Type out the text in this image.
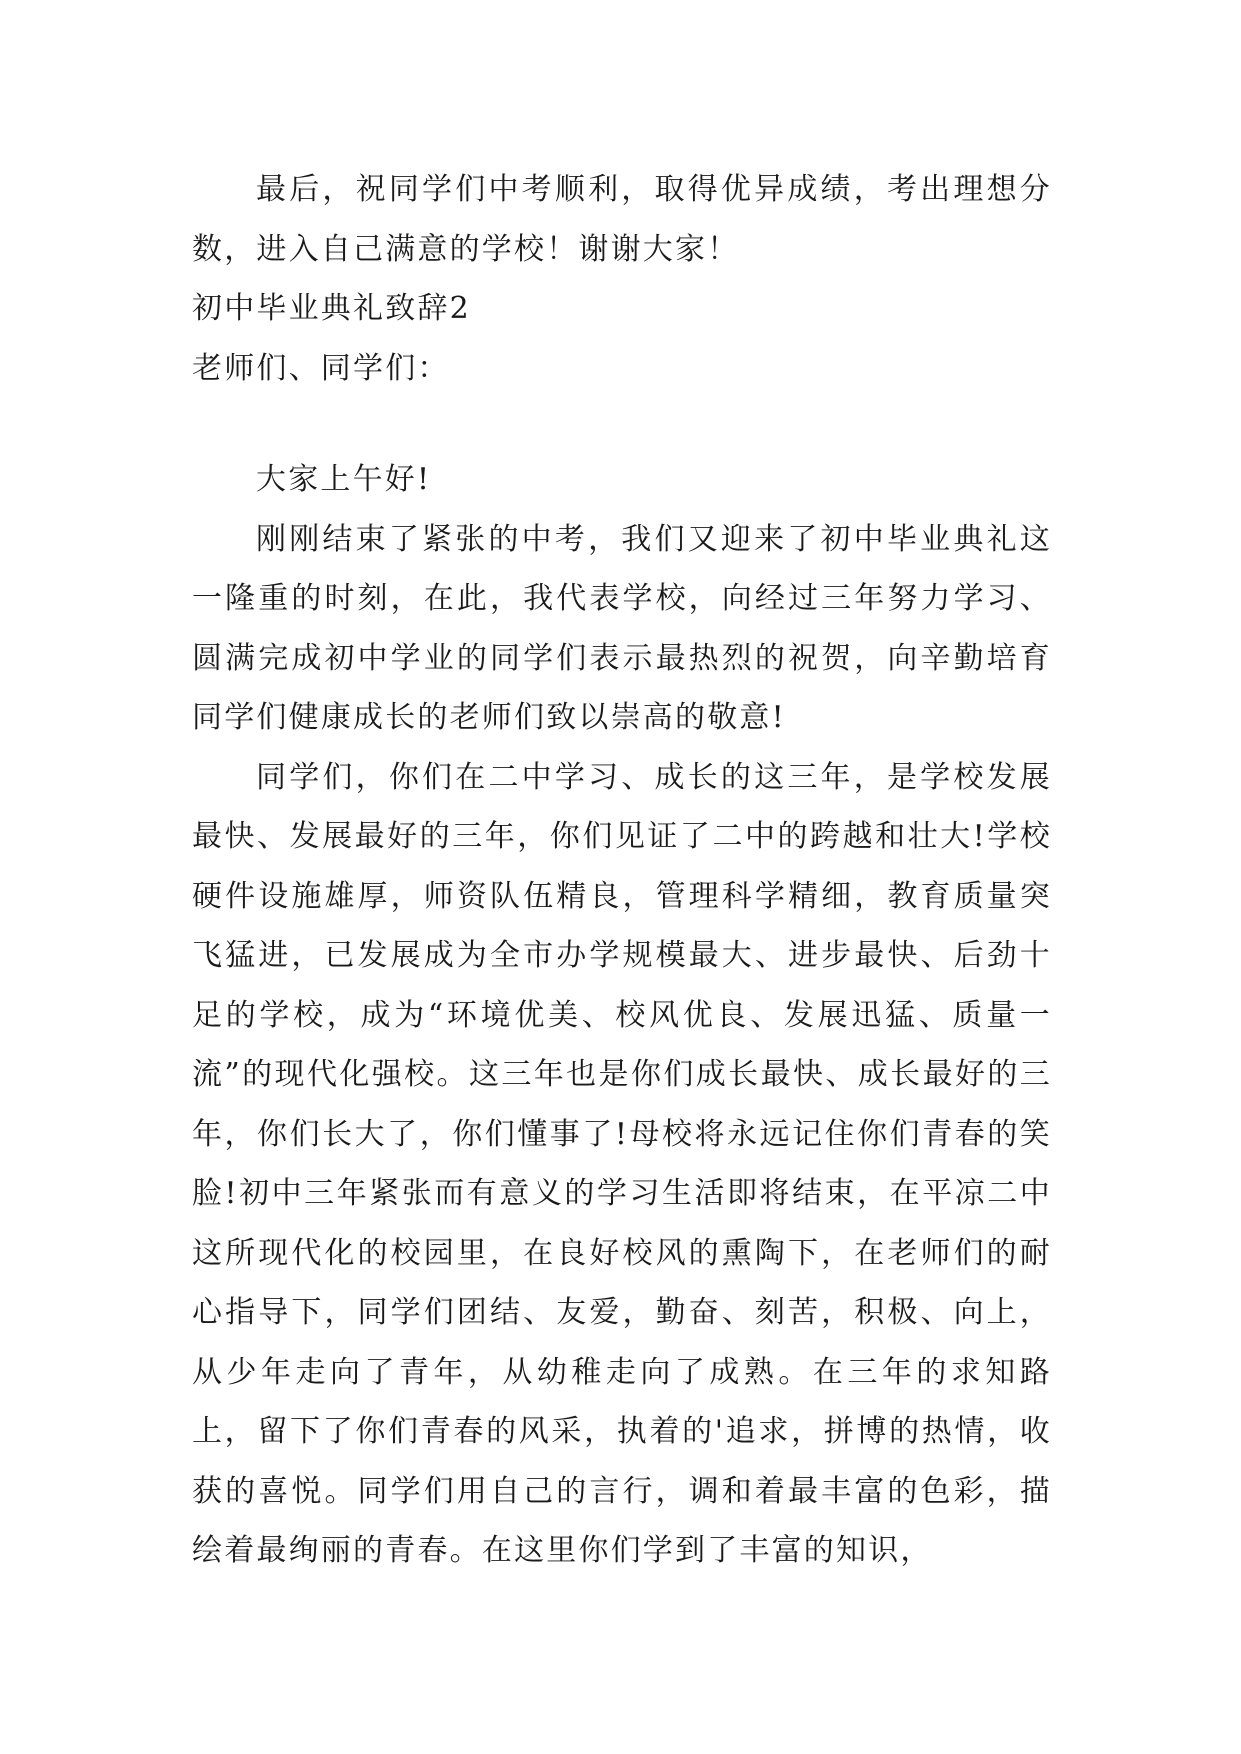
最后，祝同学们中考顺利，取得优异成绩，考出理想分数，进入自己满意的学校！谢谢大家！

初中毕业典礼致辞2

老师们、同学们：

大家上午好!

刚刚结束了紧张的中考，我们又迎来了初中毕业典礼这一隆重的时刻，在此，我代表学校，向经过三年努力学习、圆满完成初中学业的同学们表示最热烈的祝贺，向辛勤培育同学们健康成长的老师们致以崇高的敬意!

同学们，你们在二中学习、成长的这三年，是学校发展最快、发展最好的三年，你们见证了二中的跨越和壮大!学校硬件设施雄厚，师资队伍精良，管理科学精细，教育质量突飞猛进，已发展成为全市办学规模最大、进步最快、后劲十足的学校，成为“环境优美、校风优良、发展迅猛、质量一流”的现代化强校。这三年也是你们成长最快、成长最好的三年，你们长大了，你们懂事了!母校将永远记住你们青春的笑脸!初中三年紧张而有意义的学习生活即将结束，在平凉二中这所现代化的校园里，在良好校风的熏陶下，在老师们的耐心指导下，同学们团结、友爱，勤奋、刻苦，积极、向上，从少年走向了青年，从幼稚走向了成熟。在三年的求知路上，留下了你们青春的风采，执着的'追求，拼博的热情，收获的喜悦。同学们用自己的言行，调和着最丰富的色彩，描绘着最绚丽的青春。在这里你们学到了丰富的知识，
